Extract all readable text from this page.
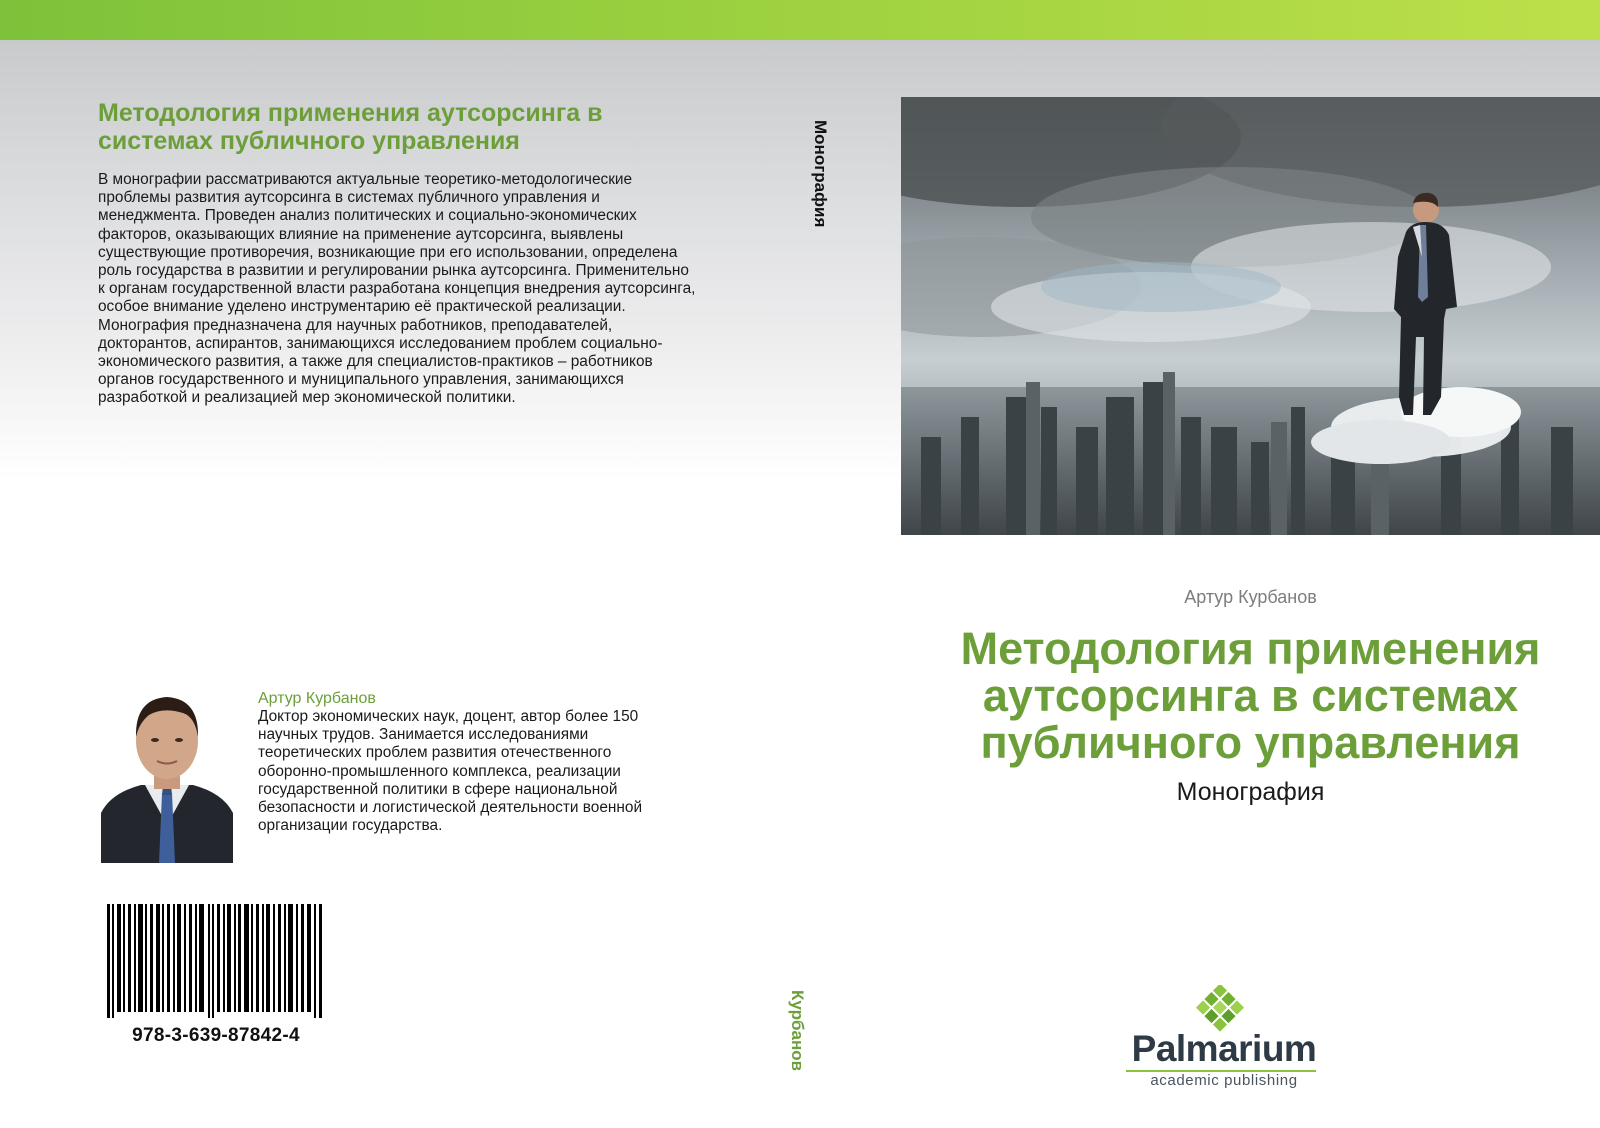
Методология применения аутсорсинга в системах публичного управления

В монографии рассматриваются актуальные теоретико-методологические проблемы развития аутсорсинга в системах публичного управления и менеджмента. Проведен анализ политических и социально-экономических факторов, оказывающих влияние на применение аутсорсинга, выявлены существующие противоречия, возникающие при его использовании, определена роль государства в развитии и регулировании рынка аутсорсинга. Применительно к органам государственной власти разработана концепция внедрения аутсорсинга, особое внимание уделено инструментарию её практической реализации. Монография предназначена для научных работников, преподавателей, докторантов, аспирантов, занимающихся исследованием проблем социально-экономического развития, а также для специалистов-практиков – работников органов государственного и муниципального управления, занимающихся разработкой и реализацией мер экономической политики.

Артур Курбанов

Доктор экономических наук, доцент, автор более 150 научных трудов. Занимается исследованиями теоретических проблем развития отечественного оборонно-промышленного комплекса, реализации государственной политики в сфере национальной безопасности и логистической деятельности военной организации государства.

978-3-639-87842-4
Монография
Курбанов

Артур Курбанов

Методология применения аутсорсинга в системах публичного управления

Монография

Palmarium
academic publishing
